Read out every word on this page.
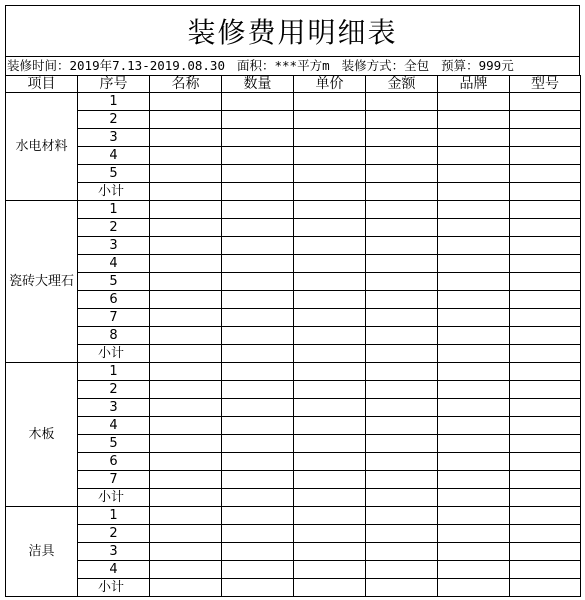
装修费用明细表
装修时间：2019年7.13-2019.08.30 面积：***平方m 装修方式：全包 预算：999元
项目	序号	名称	数量	单价	金额	品牌	型号
水电材料	1						
	2						
	3						
	4						
	5						
	小计						
瓷砖大理石	1						
	2						
	3						
	4						
	5						
	6						
	7						
	8						
	小计						
木板	1						
	2						
	3						
	4						
	5						
	6						
	7						
	小计						
洁具	1						
	2						
	3						
	4						
	小计						
